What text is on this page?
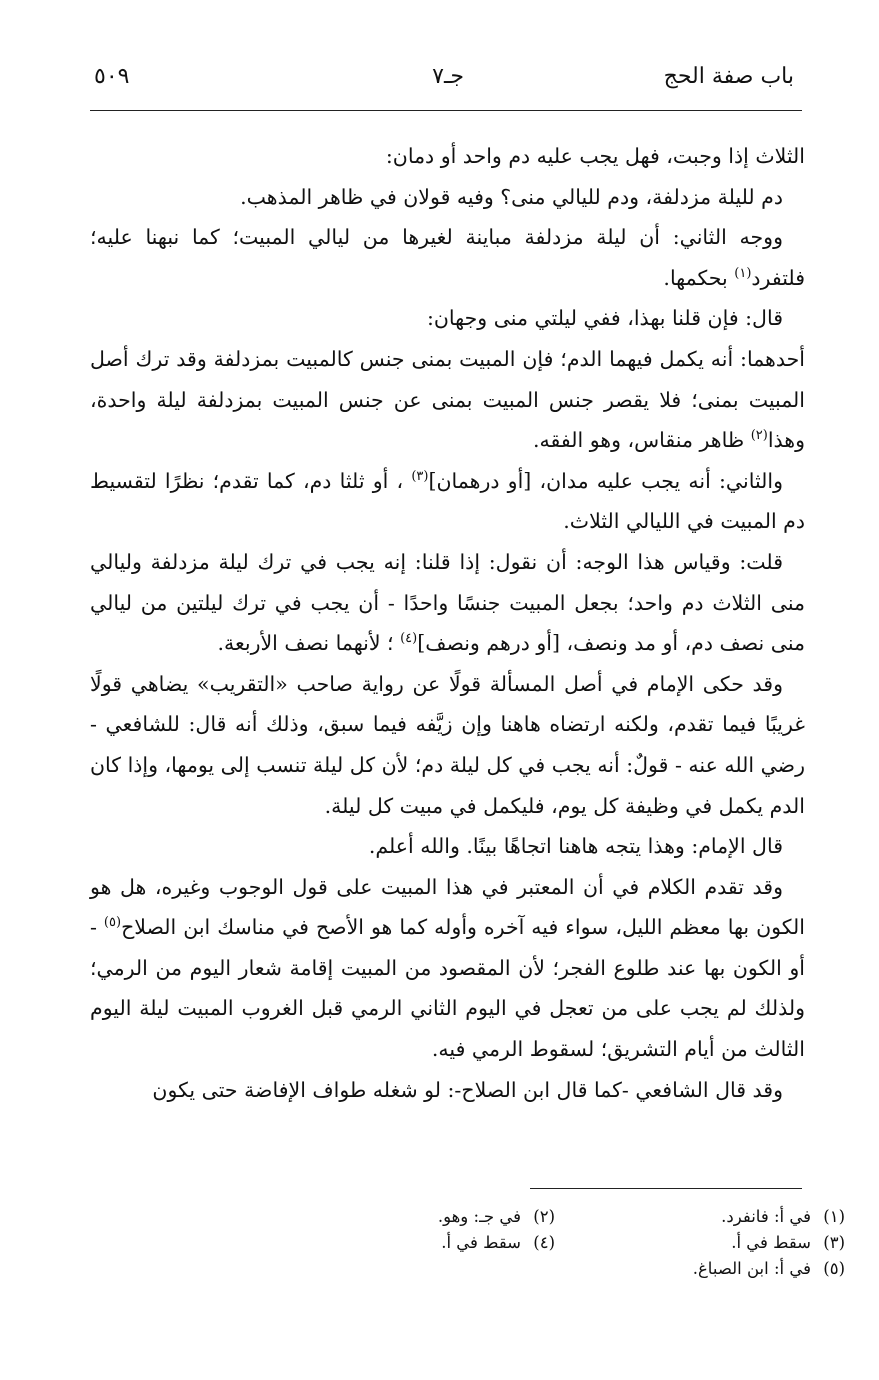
باب صفة الحج
جـ٧
٥٠٩

الثلاث إذا وجبت، فهل يجب عليه دم واحد أو دمان:

دم لليلة مزدلفة، ودم لليالي منى؟ وفيه قولان في ظاهر المذهب.

ووجه الثاني: أن ليلة مزدلفة مباينة لغيرها من ليالي المبيت؛ كما نبهنا عليه؛ فلتفرد$^{(١)}$ بحكمها.

قال: فإن قلنا بهذا، ففي ليلتي منى وجهان:

أحدهما: أنه يكمل فيهما الدم؛ فإن المبيت بمنى جنس كالمبيت بمزدلفة وقد ترك أصل المبيت بمنى؛ فلا يقصر جنس المبيت بمنى عن جنس المبيت بمزدلفة ليلة واحدة، وهذا$^{(٢)}$ ظاهر منقاس، وهو الفقه.

والثاني: أنه يجب عليه مدان، [أو درهمان]$^{(٣)}$ ، أو ثلثا دم، كما تقدم؛ نظرًا لتقسيط دم المبيت في الليالي الثلاث.

قلت: وقياس هذا الوجه: أن نقول: إذا قلنا: إنه يجب في ترك ليلة مزدلفة وليالي منى الثلاث دم واحد؛ بجعل المبيت جنسًا واحدًا - أن يجب في ترك ليلتين من ليالي منى نصف دم، أو مد ونصف، [أو درهم ونصف]$^{(٤)}$ ؛ لأنهما نصف الأربعة.

وقد حكى الإمام في أصل المسألة قولًا عن رواية صاحب «التقريب» يضاهي قولًا غريبًا فيما تقدم، ولكنه ارتضاه هاهنا وإن زيَّفه فيما سبق، وذلك أنه قال: للشافعي - رضي الله عنه - قولٌ: أنه يجب في كل ليلة دم؛ لأن كل ليلة تنسب إلى يومها، وإذا كان الدم يكمل في وظيفة كل يوم، فليكمل في مبيت كل ليلة.

قال الإمام: وهذا يتجه هاهنا اتجاهًا بينًا. والله أعلم.

وقد تقدم الكلام في أن المعتبر في هذا المبيت على قول الوجوب وغيره، هل هو الكون بها معظم الليل، سواء فيه آخره وأوله كما هو الأصح في مناسك ابن الصلاح$^{(٥)}$ - أو الكون بها عند طلوع الفجر؛ لأن المقصود من المبيت إقامة شعار اليوم من الرمي؛ ولذلك لم يجب على من تعجل في اليوم الثاني الرمي قبل الغروب المبيت ليلة اليوم الثالث من أيام التشريق؛ لسقوط الرمي فيه.

وقد قال الشافعي -كما قال ابن الصلاح-: لو شغله طواف الإفاضة حتى يكون

(١)في أ: فانفرد.
(٢)في جـ: وهو.
(٣)سقط في أ.
(٤)سقط في أ.
(٥)في أ: ابن الصباغ.
